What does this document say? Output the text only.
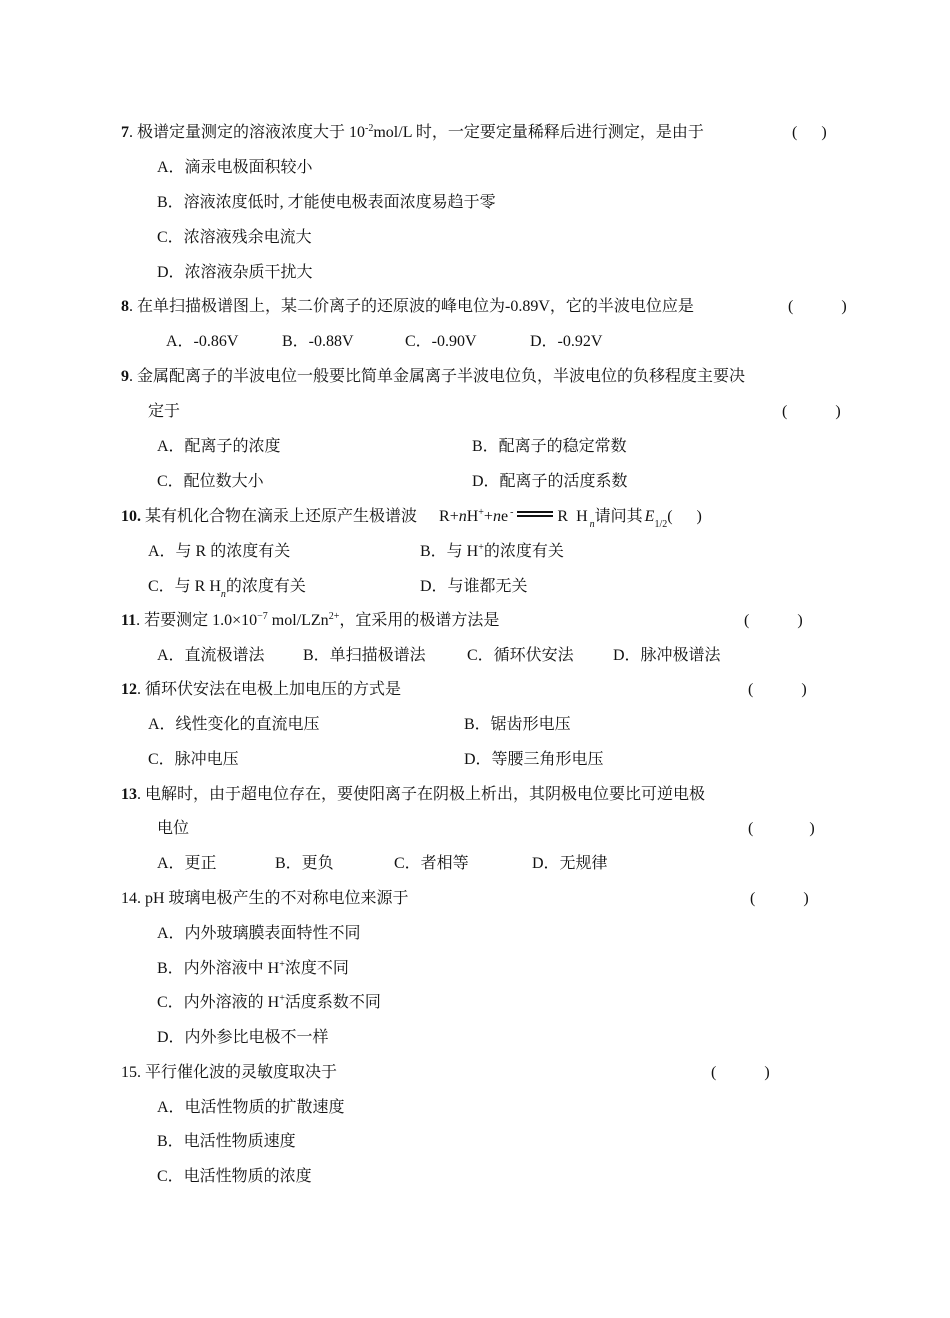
7. 极谱定量测定的溶液浓度大于 $10^{-2}mol/L$ 时，一定要定量稀释后进行测定，是由于	(      )
A．滴汞电极面积较小
B．溶液浓度低时, 才能使电极表面浓度易趋于零
C．浓溶液残余电流大
D．浓溶液杂质干扰大
8. 在单扫描极谱图上，某二价离子的还原波的峰电位为-0.89V，它的半波电位应是	(            )
A．-0.86V	B．-0.88V	C．-0.90V	D．-0.92V
9. 金属配离子的半波电位一般要比简单金属离子半波电位负，半波电位的负移程度主要决
定于	(            )
A．配离子的浓度	B．配离子的稳定常数
C．配位数大小	D．配离子的活度系数
10. 某有机化合物在滴汞上还原产生极谱波 R+nH++ne-	R $H_n$请问其 $E_{1/2}$(      )
A．与 R 的浓度有关	B．与 H+的浓度有关
C．与 R $H_n$的浓度有关	D．与谁都无关
11. 若要测定 $1.0\times 10^{-7}$ mol/LZn$^{2+}$，宜采用的极谱方法是	(            )
A．直流极谱法 B．单扫描极谱法	C．循环伏安法 D．脉冲极谱法
12. 循环伏安法在电极上加电压的方式是	(            )
A．线性变化的直流电压	B．锯齿形电压
C．脉冲电压	D．等腰三角形电压
13. 电解时，由于超电位存在，要使阳离子在阴极上析出，其阴极电位要比可逆电极
电位	(              )
A．更正	B．更负	C．者相等	D．无规律
14. pH 玻璃电极产生的不对称电位来源于	(            )
A．内外玻璃膜表面特性不同
B．内外溶液中 H+浓度不同
C．内外溶液的 H+活度系数不同
D．内外参比电极不一样
15. 平行催化波的灵敏度取决于	(            )
A．电活性物质的扩散速度
B．电活性物质速度
C．电活性物质的浓度
